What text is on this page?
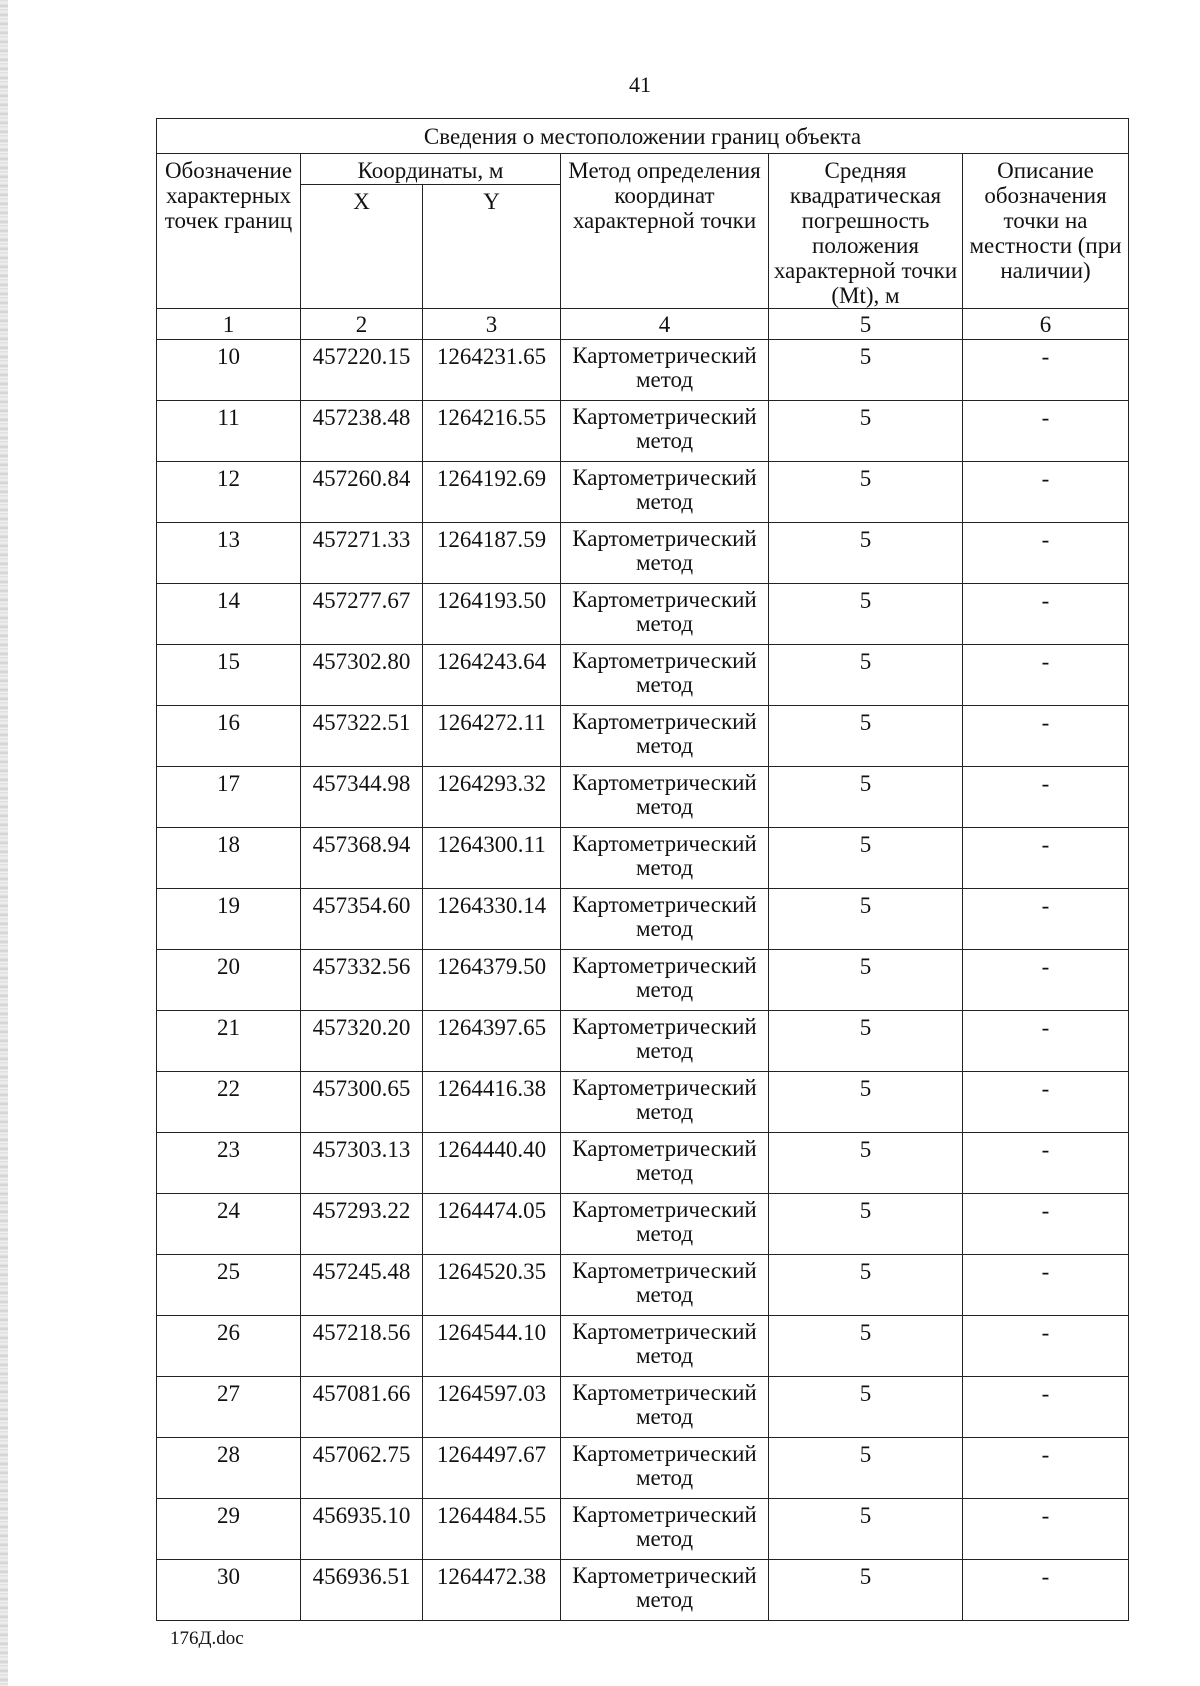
41
Сведения о местоположении границ объекта					
Обозначение характерных точек границ	Координаты, м		Метод определения координат характерной точки	Средняя квадратическая погрешность положения характерной точки (Mt), м	Описание обозначения точки на местности (при наличии)
	X	Y			
1	2	3	4	5	6
10	457220.15	1264231.65	Картометрический метод	5	-
11	457238.48	1264216.55	Картометрический метод	5	-
12	457260.84	1264192.69	Картометрический метод	5	-
13	457271.33	1264187.59	Картометрический метод	5	-
14	457277.67	1264193.50	Картометрический метод	5	-
15	457302.80	1264243.64	Картометрический метод	5	-
16	457322.51	1264272.11	Картометрический метод	5	-
17	457344.98	1264293.32	Картометрический метод	5	-
18	457368.94	1264300.11	Картометрический метод	5	-
19	457354.60	1264330.14	Картометрический метод	5	-
20	457332.56	1264379.50	Картометрический метод	5	-
21	457320.20	1264397.65	Картометрический метод	5	-
22	457300.65	1264416.38	Картометрический метод	5	-
23	457303.13	1264440.40	Картометрический метод	5	-
24	457293.22	1264474.05	Картометрический метод	5	-
25	457245.48	1264520.35	Картометрический метод	5	-
26	457218.56	1264544.10	Картометрический метод	5	-
27	457081.66	1264597.03	Картометрический метод	5	-
28	457062.75	1264497.67	Картометрический метод	5	-
29	456935.10	1264484.55	Картометрический метод	5	-
30	456936.51	1264472.38	Картометрический метод	5	-
176Д.doc
